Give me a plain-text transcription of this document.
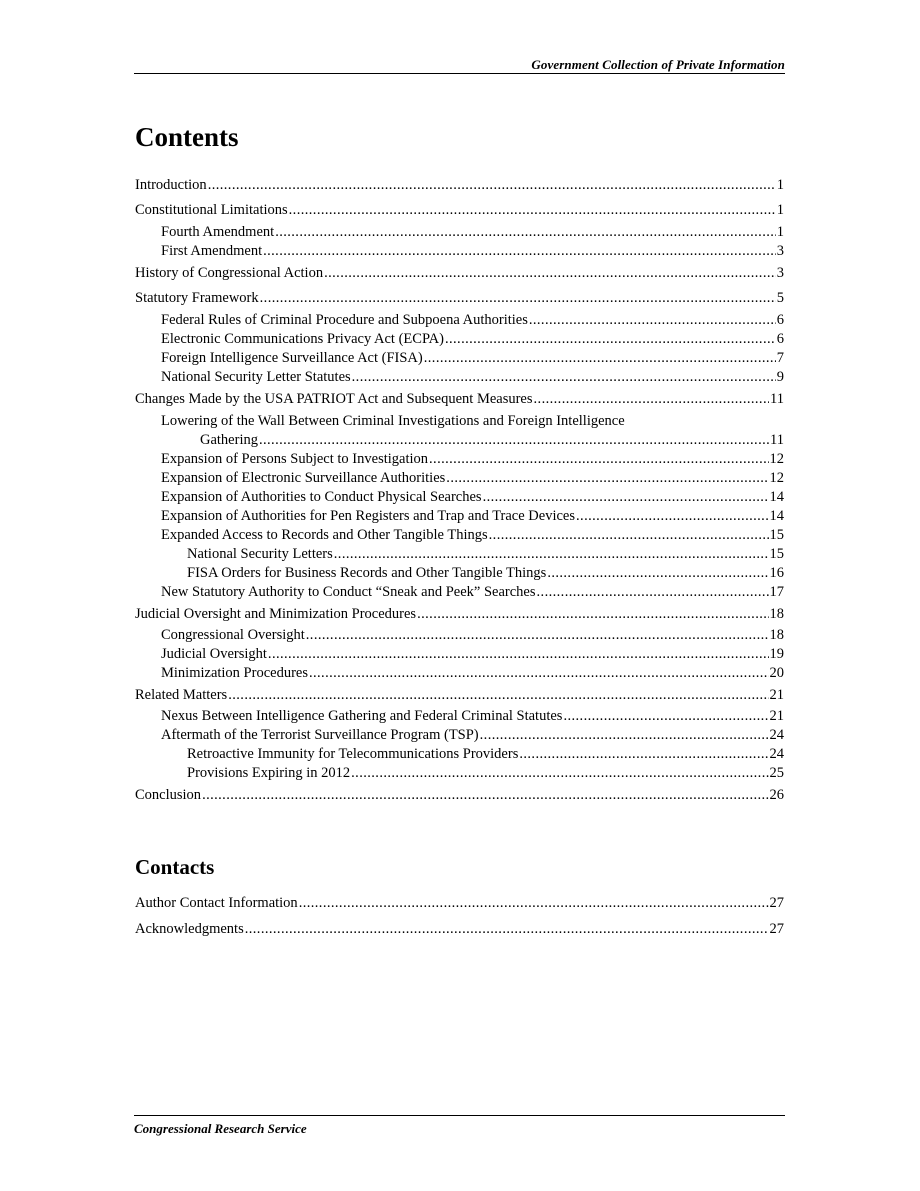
Government Collection of Private Information
Contents
Introduction .....	1
Constitutional Limitations .....	1
Fourth Amendment .....	1
First Amendment .....	3
History of Congressional Action .....	3
Statutory Framework .....	5
Federal Rules of Criminal Procedure and Subpoena Authorities .....	6
Electronic Communications Privacy Act (ECPA) .....	6
Foreign Intelligence Surveillance Act (FISA) .....	7
National Security Letter Statutes .....	9
Changes Made by the USA PATRIOT Act and Subsequent Measures .....	11
Lowering of the Wall Between Criminal Investigations and Foreign Intelligence
Gathering .....	11
Expansion of Persons Subject to Investigation .....	12
Expansion of Electronic Surveillance Authorities .....	12
Expansion of Authorities to Conduct Physical Searches .....	14
Expansion of Authorities for Pen Registers and Trap and Trace Devices .....	14
Expanded Access to Records and Other Tangible Things .....	15
National Security Letters .....	15
FISA Orders for Business Records and Other Tangible Things .....	16
New Statutory Authority to Conduct “Sneak and Peek” Searches .....	17
Judicial Oversight and Minimization Procedures .....	18
Congressional Oversight .....	18
Judicial Oversight .....	19
Minimization Procedures .....	20
Related Matters .....	21
Nexus Between Intelligence Gathering and Federal Criminal Statutes .....	21
Aftermath of the Terrorist Surveillance Program (TSP) .....	24
Retroactive Immunity for Telecommunications Providers .....	24
Provisions Expiring in 2012 .....	25
Conclusion .....	26
Contacts
Author Contact Information .....	27
Acknowledgments .....	27
Congressional Research Service
